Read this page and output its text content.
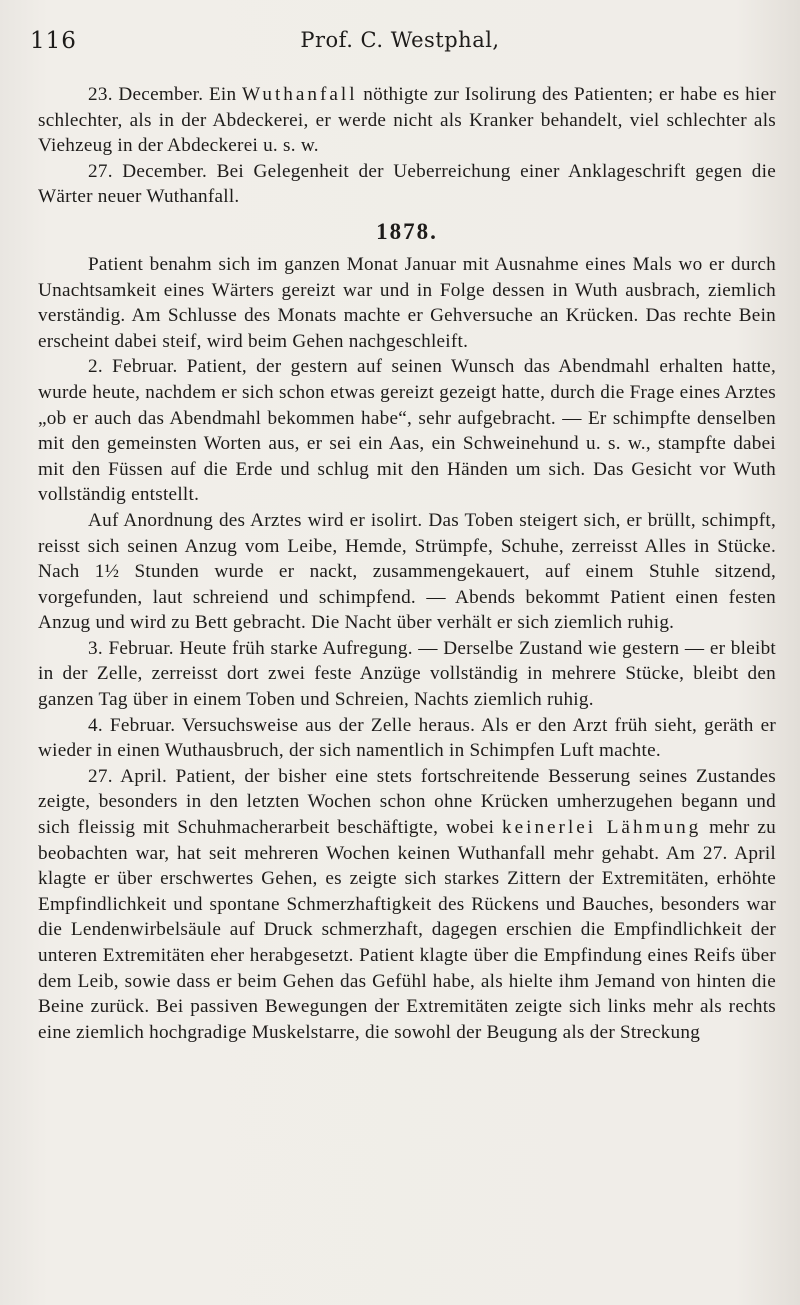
116	Prof. C. Westphal,

23. December. Ein Wuthanfall nöthigte zur Isolirung des Patienten; er habe es hier schlechter, als in der Abdeckerei, er werde nicht als Kranker behandelt, viel schlechter als Viehzeug in der Abdeckerei u. s. w.

27. December. Bei Gelegenheit der Ueberreichung einer Anklageschrift gegen die Wärter neuer Wuthanfall.

1878.

Patient benahm sich im ganzen Monat Januar mit Ausnahme eines Mals wo er durch Unachtsamkeit eines Wärters gereizt war und in Folge dessen in Wuth ausbrach, ziemlich verständig. Am Schlusse des Monats machte er Gehversuche an Krücken. Das rechte Bein erscheint dabei steif, wird beim Gehen nachgeschleift.

2. Februar. Patient, der gestern auf seinen Wunsch das Abendmahl erhalten hatte, wurde heute, nachdem er sich schon etwas gereizt gezeigt hatte, durch die Frage eines Arztes „ob er auch das Abendmahl bekommen habe“, sehr aufgebracht. — Er schimpfte denselben mit den gemeinsten Worten aus, er sei ein Aas, ein Schweinehund u. s. w., stampfte dabei mit den Füssen auf die Erde und schlug mit den Händen um sich. Das Gesicht vor Wuth vollständig entstellt.

Auf Anordnung des Arztes wird er isolirt. Das Toben steigert sich, er brüllt, schimpft, reisst sich seinen Anzug vom Leibe, Hemde, Strümpfe, Schuhe, zerreisst Alles in Stücke. Nach 1½ Stunden wurde er nackt, zusammengekauert, auf einem Stuhle sitzend, vorgefunden, laut schreiend und schimpfend. — Abends bekommt Patient einen festen Anzug und wird zu Bett gebracht. Die Nacht über verhält er sich ziemlich ruhig.

3. Februar. Heute früh starke Aufregung. — Derselbe Zustand wie gestern — er bleibt in der Zelle, zerreisst dort zwei feste Anzüge vollständig in mehrere Stücke, bleibt den ganzen Tag über in einem Toben und Schreien, Nachts ziemlich ruhig.

4. Februar. Versuchsweise aus der Zelle heraus. Als er den Arzt früh sieht, geräth er wieder in einen Wuthausbruch, der sich namentlich in Schimpfen Luft machte.

27. April. Patient, der bisher eine stets fortschreitende Besserung seines Zustandes zeigte, besonders in den letzten Wochen schon ohne Krücken umherzugehen begann und sich fleissig mit Schuhmacherarbeit beschäftigte, wobei keinerlei Lähmung mehr zu beobachten war, hat seit mehreren Wochen keinen Wuthanfall mehr gehabt. Am 27. April klagte er über erschwertes Gehen, es zeigte sich starkes Zittern der Extremitäten, erhöhte Empfindlichkeit und spontane Schmerzhaftigkeit des Rückens und Bauches, besonders war die Lendenwirbelsäule auf Druck schmerzhaft, dagegen erschien die Empfindlichkeit der unteren Extremitäten eher herabgesetzt. Patient klagte über die Empfindung eines Reifs über dem Leib, sowie dass er beim Gehen das Gefühl habe, als hielte ihm Jemand von hinten die Beine zurück. Bei passiven Bewegungen der Extremitäten zeigte sich links mehr als rechts eine ziemlich hochgradige Muskelstarre, die sowohl der Beugung als der Streckung
